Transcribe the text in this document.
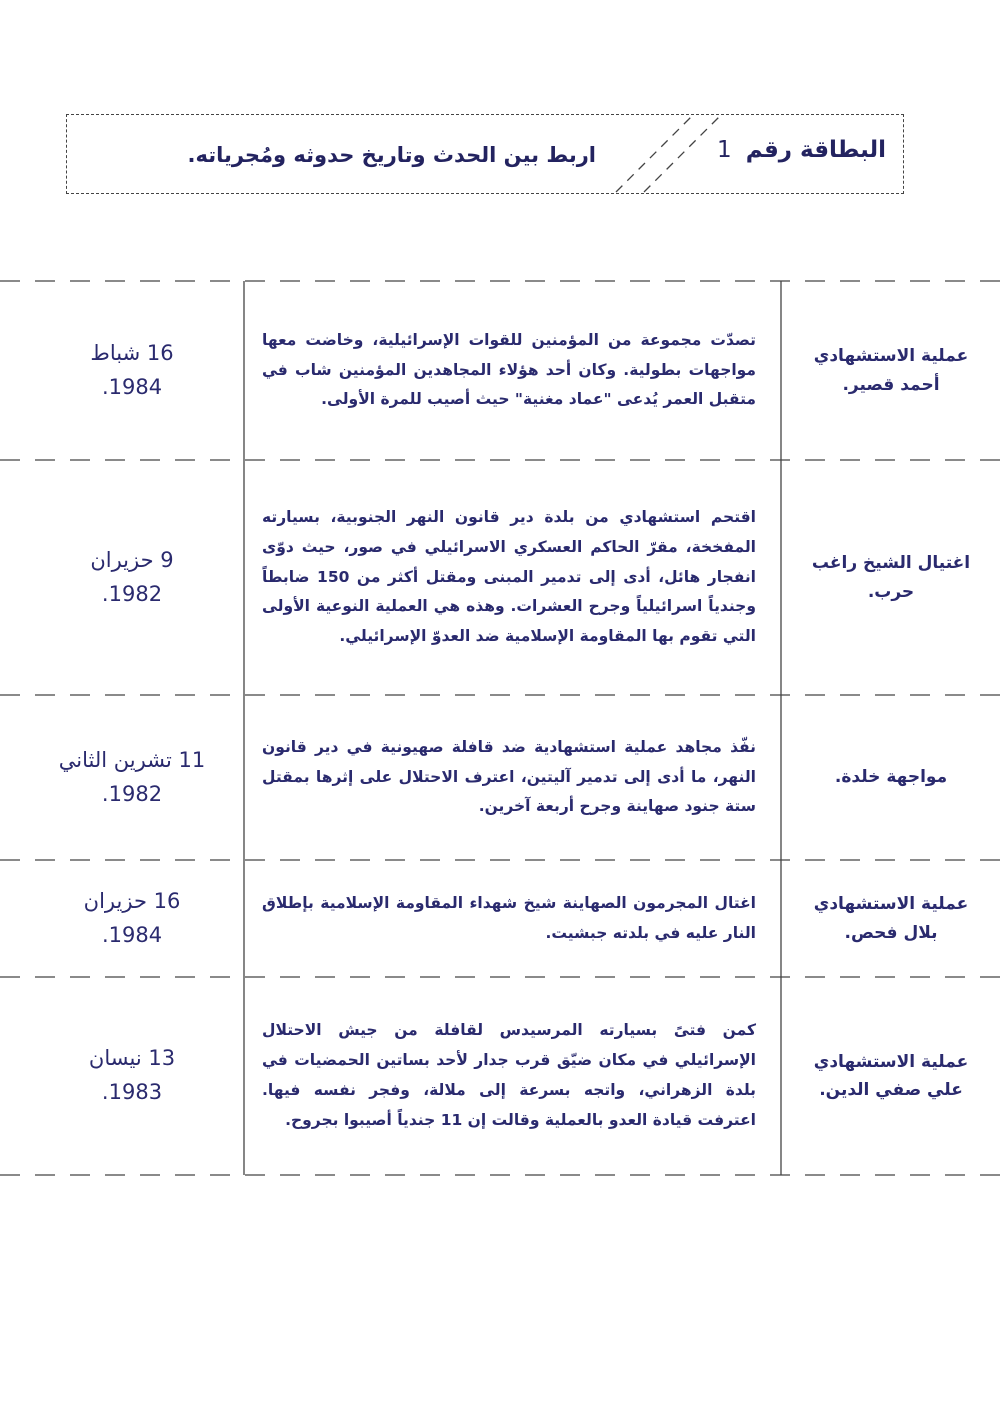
البطاقة رقم 1
اربط بين الحدث وتاريخ حدوثه ومُجرياته.
عملية الاستشهادي أحمد قصير.
تصدّت مجموعة من المؤمنين للقوات الإسرائيلية، وخاضت معها مواجهات بطولية. وكان أحد هؤلاء المجاهدين المؤمنين شاب في متقبل العمر يُدعى "عماد مغنية" حيث أصيب للمرة الأولى.
16 شباط
1984.
اغتيال الشيخ راغب حرب.
اقتحم استشهادي من بلدة دير قانون النهر الجنوبية، بسيارته المفخخة، مقرّ الحاكم العسكري الاسرائيلي في صور، حيث دوّى انفجار هائل، أدى إلى تدمير المبنى ومقتل أكثر من 150 ضابطاً وجندياً اسرائيلياً وجرح العشرات. وهذه هي العملية النوعية الأولى التي تقوم بها المقاومة الإسلامية ضد العدوّ الإسرائيلي.
9 حزيران
1982.
مواجهة خلدة.
نفّذ مجاهد عملية استشهادية ضد قافلة صهيونية في دير قانون النهر، ما أدى إلى تدمير آليتين، اعترف الاحتلال على إثرها بمقتل ستة جنود صهاينة وجرح أربعة آخرين.
11 تشرين الثاني
1982.
عملية الاستشهادي بلال فحص.
اغتال المجرمون الصهاينة شيخ شهداء المقاومة الإسلامية بإطلاق النار عليه في بلدته جبشيت.
16 حزيران
1984.
عملية الاستشهادي علي صفي الدين.
كمن فتىً بسيارته المرسيدس لقافلة من جيش الاحتلال الإسرائيلي في مكان ضيّق قرب جدار لأحد بساتين الحمضيات في بلدة الزهراني، واتجه بسرعة إلى ملالة، وفجر نفسه فيها. اعترفت قيادة العدو بالعملية وقالت إن 11 جندياً أصيبوا بجروح.
13 نيسان
1983.
